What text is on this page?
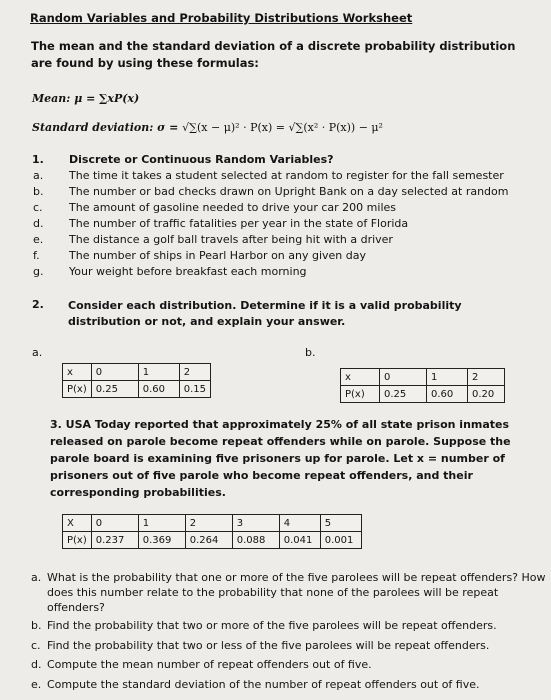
Random Variables and Probability Distributions Worksheet
The mean and the standard deviation of a discrete probability distribution are found by using these formulas:
Mean: μ = ∑xP(x)
Standard deviation: σ = √∑(x − μ)² · P(x) = √∑(x² · P(x)) − μ²
1. Discrete or Continuous Random Variables?
a. The time it takes a student selected at random to register for the fall semester
b. The number or bad checks drawn on Upright Bank on a day selected at random
c. The amount of gasoline needed to drive your car 200 miles
d. The number of traffic fatalities per year in the state of Florida
e. The distance a golf ball travels after being hit with a driver
f.	The number of ships in Pearl Harbor on any given day
g. Your weight before breakfast each morning
2. Consider each distribution. Determine if it is a valid probability distribution or not, and explain your answer.
a.
x	0	1	2
P(x)	0.25	0.60	0.15
b.
x	0	1	2
P(x)	0.25	0.60	0.20
3. USA Today reported that approximately 25% of all state prison inmates released on parole become repeat offenders while on parole. Suppose the parole board is examining five prisoners up for parole. Let x = number of prisoners out of five parole who become repeat offenders, and their corresponding probabilities.
X	0	1	2	3	4	5
P(x)	0.237	0.369	0.264	0.088	0.041	0.001
a. What is the probability that one or more of the five parolees will be repeat offenders? How does this number relate to the probability that none of the parolees will be repeat offenders?
b. Find the probability that two or more of the five parolees will be repeat offenders.
c. Find the probability that two or less of the five parolees will be repeat offenders.
d. Compute the mean number of repeat offenders out of five.
e. Compute the standard deviation of the number of repeat offenders out of five.
